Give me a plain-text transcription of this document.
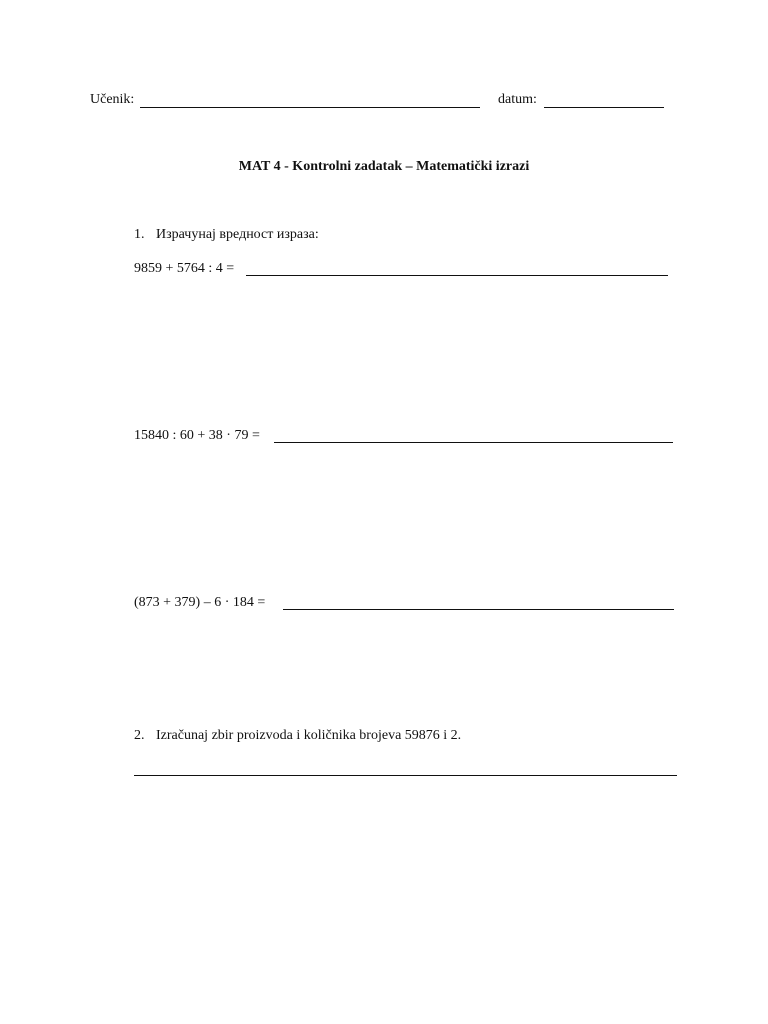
Učenik:	datum:
MAT 4 - Kontrolni zadatak – Matematički izrazi
1. Израчунај вредност израза:
9859 + 5764 : 4 =
15840 : 60 + 38 · 79 =
(873 + 379) – 6 · 184 =
2. Izračunaj zbir proizvoda i količnika brojeva 59876 i 2.
